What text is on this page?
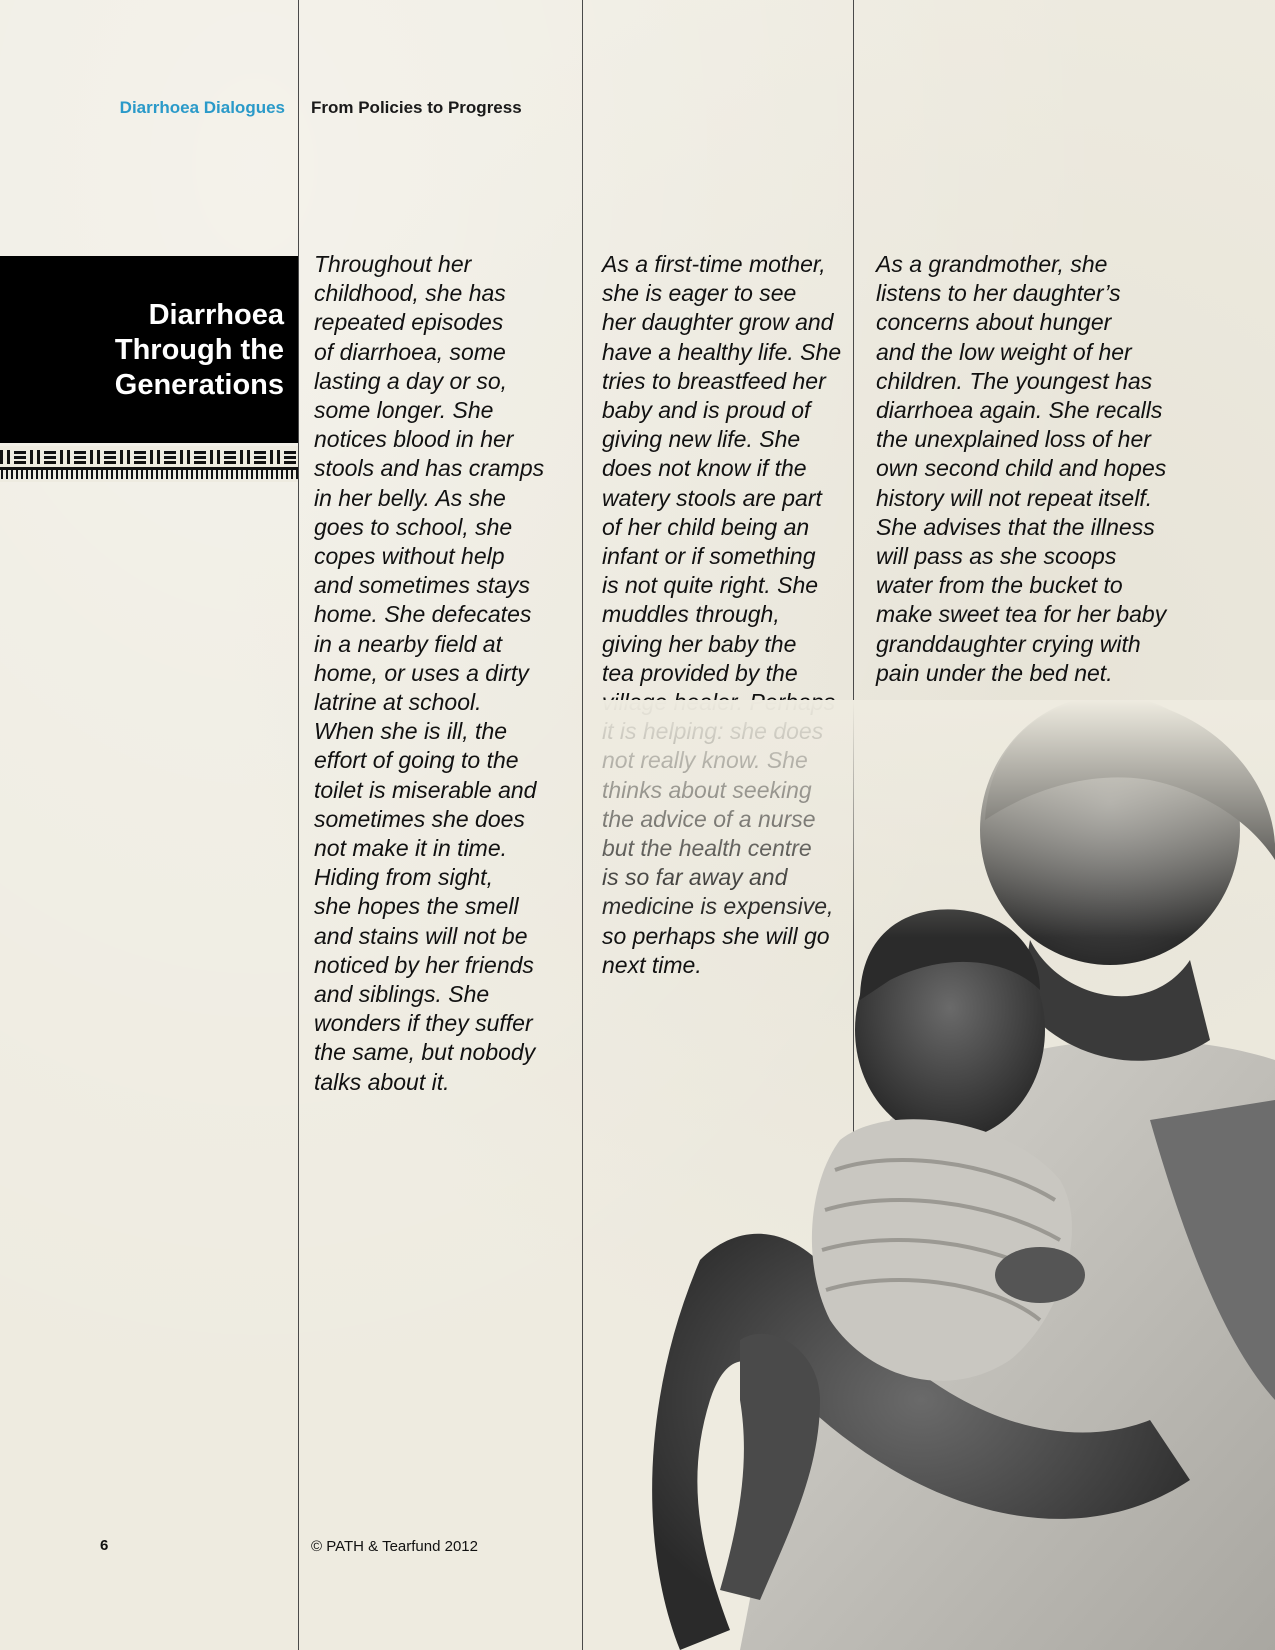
Diarrhoea Dialogues From Policies to Progress
Diarrhoea
Through the
Generations
Throughout her
childhood, she has
repeated episodes
of diarrhoea, some
lasting a day or so,
some longer. She
notices blood in her
stools and has cramps
in her belly. As she
goes to school, she
copes without help
and sometimes stays
home. She defecates
in a nearby field at
home, or uses a dirty
latrine at school.
When she is ill, the
effort of going to the
toilet is miserable and
sometimes she does
not make it in time.
Hiding from sight,
she hopes the smell
and stains will not be
noticed by her friends
and siblings. She
wonders if they suffer
the same, but nobody
talks about it.
As a first-time mother,
she is eager to see
her daughter grow and
have a healthy life. She
tries to breastfeed her
baby and is proud of
giving new life. She
does not know if the
watery stools are part
of her child being an
infant or if something
is not quite right. She
muddles through,
giving her baby the
tea provided by the

As a grandmother, she
listens to her daughter’s
concerns about hunger
and the low weight of her
children. The youngest has
diarrhoea again. She recalls
the unexplained loss of her
own second child and hopes
history will not repeat itself.
She advises that the illness
will pass as she scoops
water from the bucket to
make sweet tea for her baby
granddaughter crying with
pain under the bed net.
6	© PATH & Tearfund 2012
